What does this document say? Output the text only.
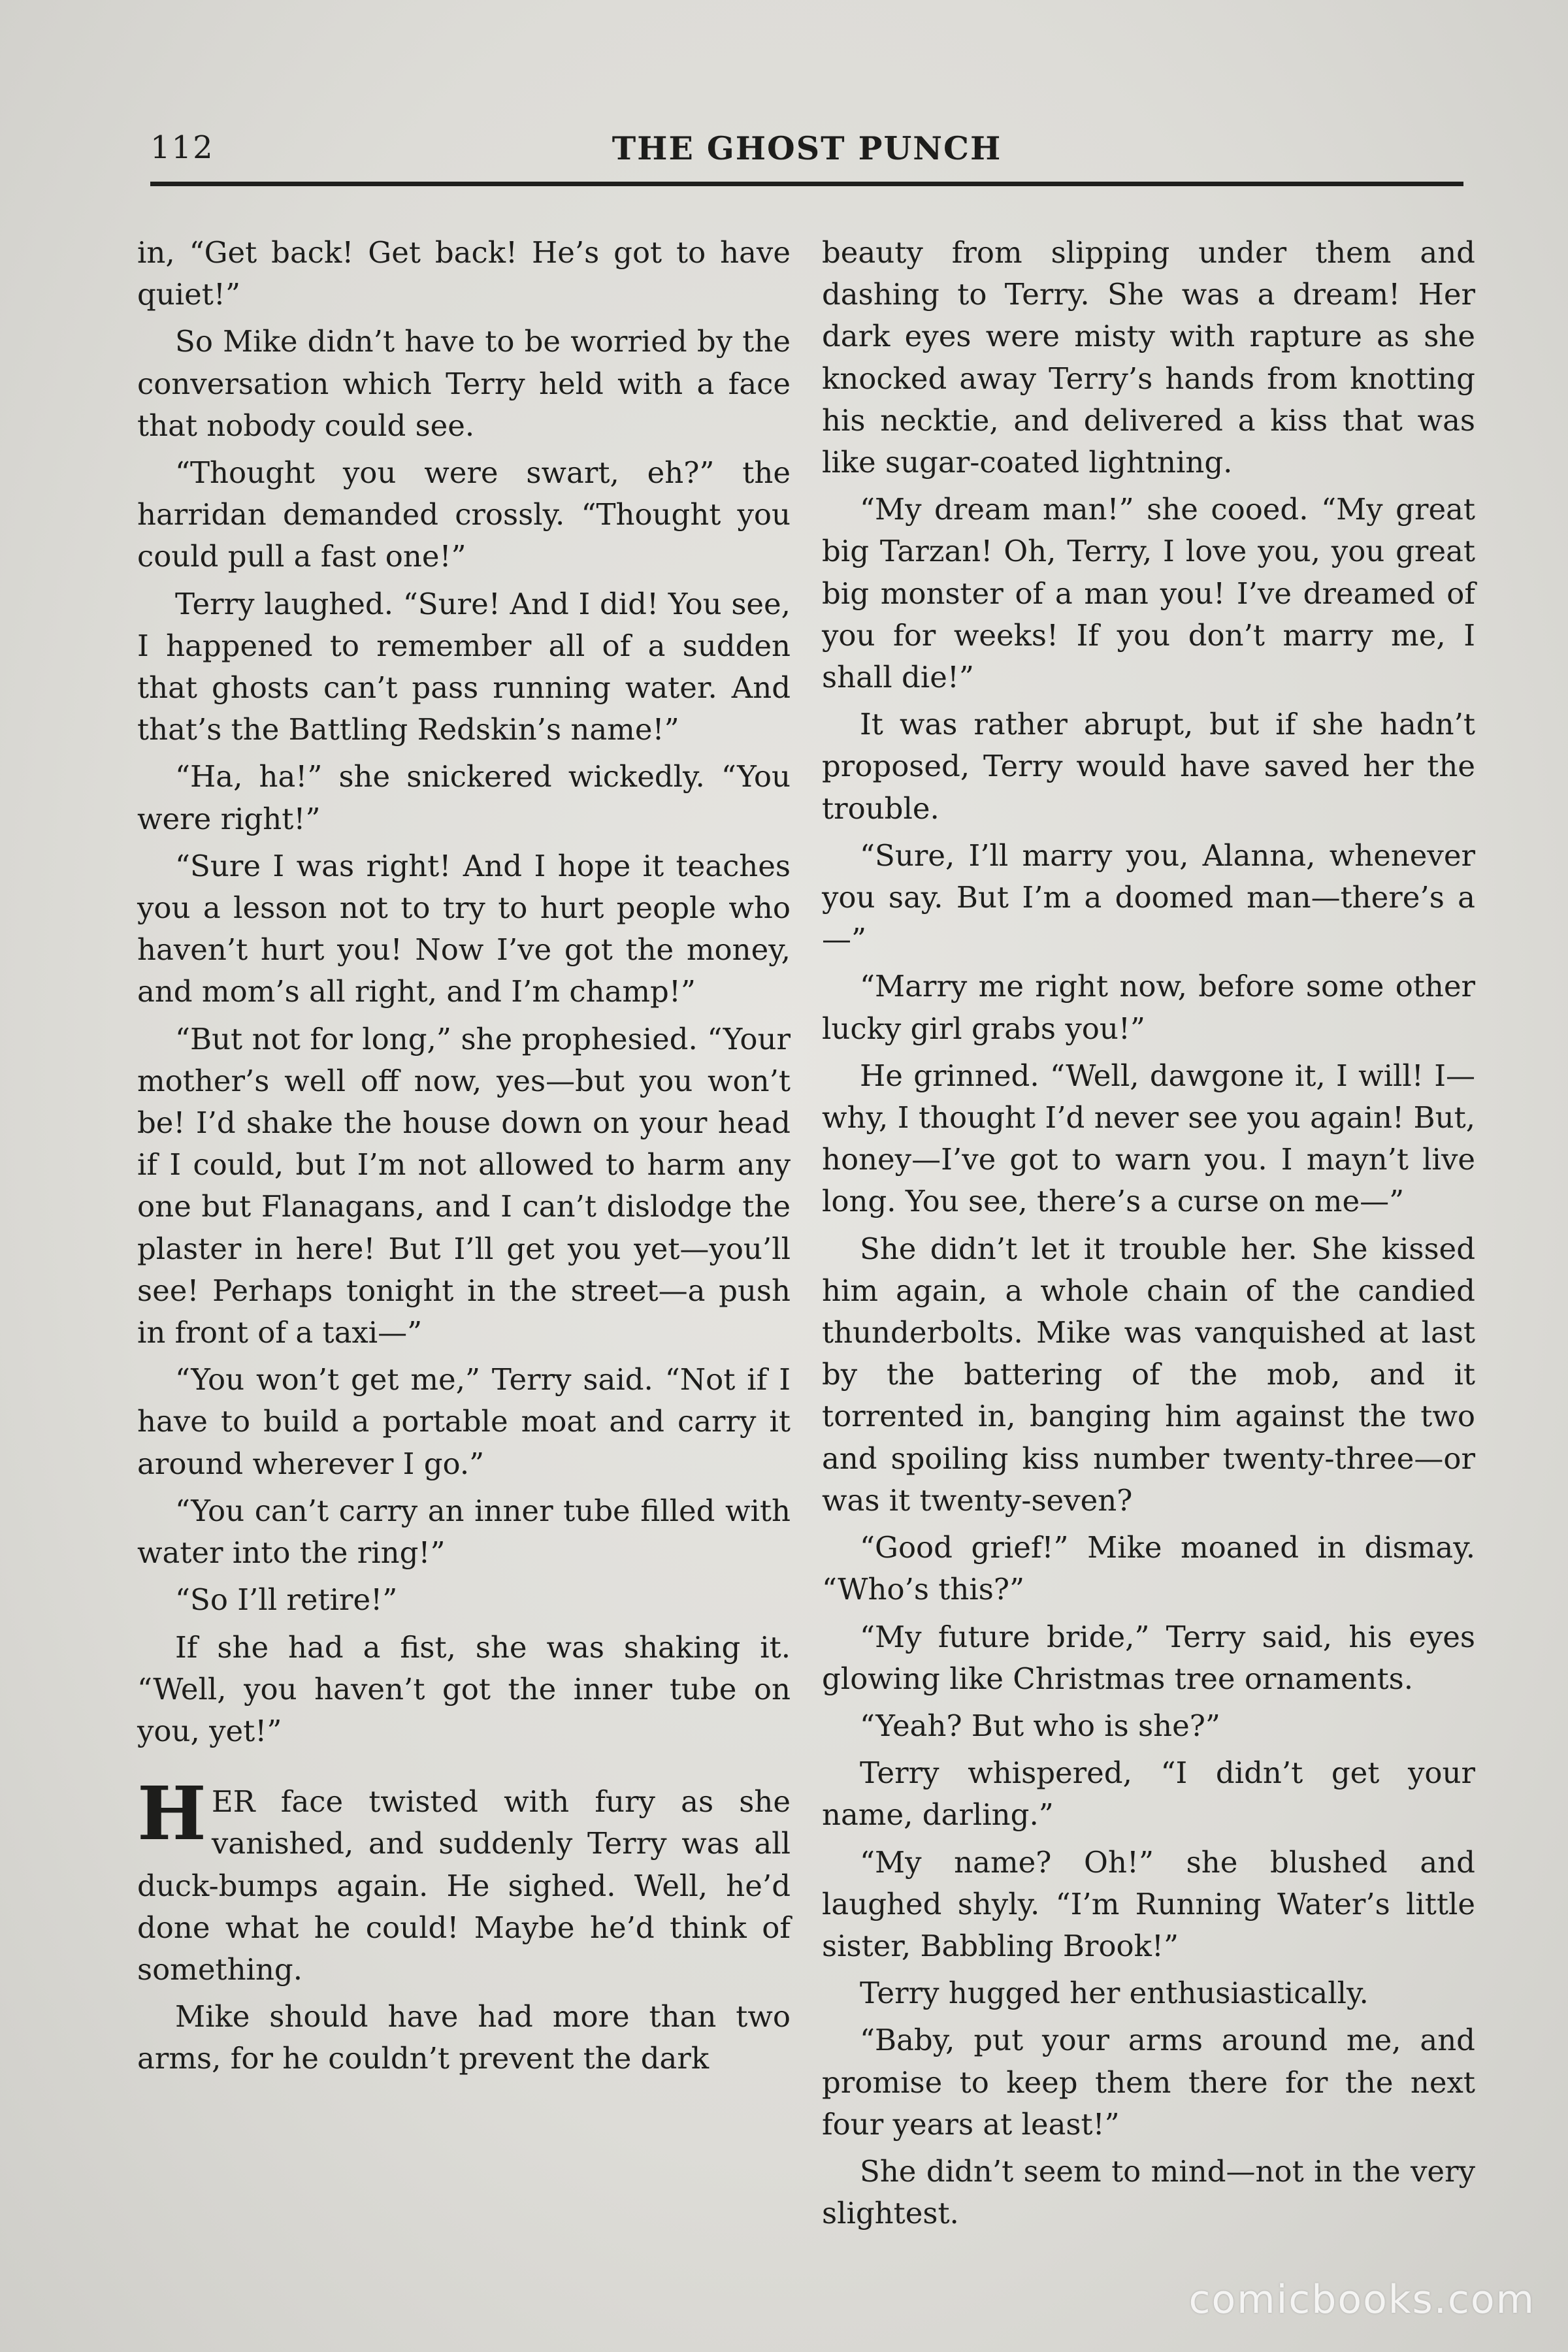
112	THE GHOST PUNCH

in, “Get back! Get back! He’s got to have quiet!”

So Mike didn’t have to be worried by the conversation which Terry held with a face that nobody could see.

“Thought you were swart, eh?” the harridan demanded crossly. “Thought you could pull a fast one!”

Terry laughed. “Sure! And I did! You see, I happened to remember all of a sudden that ghosts can’t pass running water. And that’s the Battling Redskin’s name!”

“Ha, ha!” she snickered wickedly. “You were right!”

“Sure I was right! And I hope it teaches you a lesson not to try to hurt people who haven’t hurt you! Now I’ve got the money, and mom’s all right, and I’m champ!”

“But not for long,” she prophesied. “Your mother’s well off now, yes—but you won’t be! I’d shake the house down on your head if I could, but I’m not allowed to harm any one but Flanagans, and I can’t dislodge the plaster in here! But I’ll get you yet—you’ll see! Perhaps tonight in the street—a push in front of a taxi—”

“You won’t get me,” Terry said. “Not if I have to build a portable moat and carry it around wherever I go.”

“You can’t carry an inner tube filled with water into the ring!”

“So I’ll retire!”

If she had a fist, she was shaking it. “Well, you haven’t got the inner tube on you, yet!”

HER face twisted with fury as she vanished, and suddenly Terry was all duck-bumps again. He sighed. Well, he’d done what he could! Maybe he’d think of something.

Mike should have had more than two arms, for he couldn’t prevent the dark

beauty from slipping under them and dashing to Terry. She was a dream! Her dark eyes were misty with rapture as she knocked away Terry’s hands from knotting his necktie, and delivered a kiss that was like sugar-coated lightning.

“My dream man!” she cooed. “My great big Tarzan! Oh, Terry, I love you, you great big monster of a man you! I’ve dreamed of you for weeks! If you don’t marry me, I shall die!”

It was rather abrupt, but if she hadn’t proposed, Terry would have saved her the trouble.

“Sure, I’ll marry you, Alanna, whenever you say. But I’m a doomed man—there’s a—”

“Marry me right now, before some other lucky girl grabs you!”

He grinned. “Well, dawgone it, I will! I—why, I thought I’d never see you again! But, honey—I’ve got to warn you. I mayn’t live long. You see, there’s a curse on me—”

She didn’t let it trouble her. She kissed him again, a whole chain of the candied thunderbolts. Mike was vanquished at last by the battering of the mob, and it torrented in, banging him against the two and spoiling kiss number twenty-three—or was it twenty-seven?

“Good grief!” Mike moaned in dismay. “Who’s this?”

“My future bride,” Terry said, his eyes glowing like Christmas tree ornaments.

“Yeah? But who is she?”

Terry whispered, “I didn’t get your name, darling.”

“My name? Oh!” she blushed and laughed shyly. “I’m Running Water’s little sister, Babbling Brook!”

Terry hugged her enthusiastically.

“Baby, put your arms around me, and promise to keep them there for the next four years at least!”

She didn’t seem to mind—not in the very slightest.

comicbooks.com
